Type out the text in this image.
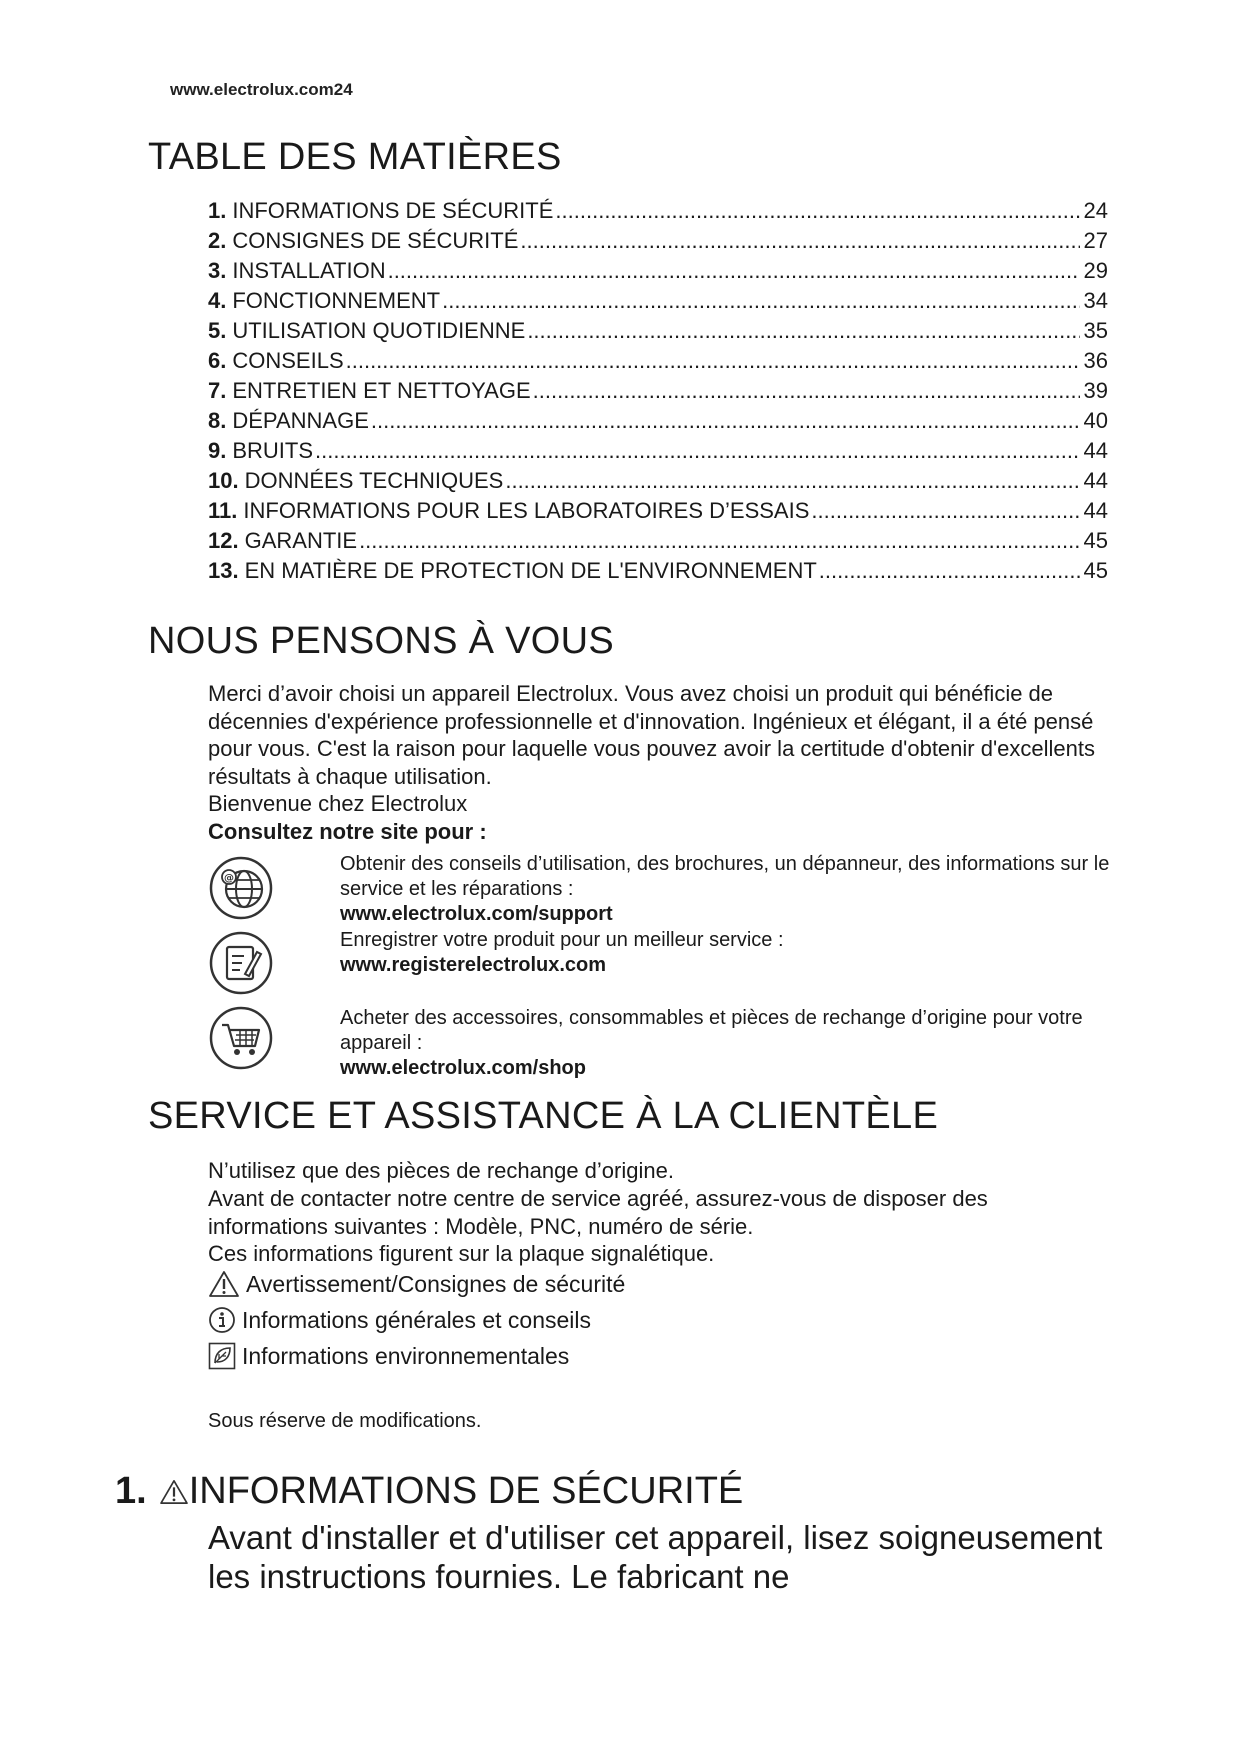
www.electrolux.com24
TABLE DES MATIÈRES
1. INFORMATIONS DE SÉCURITÉ .....	24
2. CONSIGNES DE SÉCURITÉ .....	27
3. INSTALLATION .....	29
4. FONCTIONNEMENT .....	34
5. UTILISATION QUOTIDIENNE .....	35
6. CONSEILS .....	36
7. ENTRETIEN ET NETTOYAGE .....	39
8. DÉPANNAGE .....	40
9. BRUITS .....	44
10. DONNÉES TECHNIQUES .....	44
11. INFORMATIONS POUR LES LABORATOIRES D’ESSAIS .....	44
12. GARANTIE .....	45
13. EN MATIÈRE DE PROTECTION DE L'ENVIRONNEMENT .....	45
NOUS PENSONS À VOUS

Merci d’avoir choisi un appareil Electrolux. Vous avez choisi un produit qui bénéficie de décennies d'expérience professionnelle et d'innovation. Ingénieux et élégant, il a été pensé pour vous. C'est la raison pour laquelle vous pouvez avoir la certitude d'obtenir d'excellents résultats à chaque utilisation.

Bienvenue chez Electrolux

Consultez notre site pour :

@
Obtenir des conseils d’utilisation, des brochures, un dépanneur, des informations sur le service et les réparations :
www.electrolux.com/support
Enregistrer votre produit pour un meilleur service :
www.registerelectrolux.com
Acheter des accessoires, consommables et pièces de rechange d’origine pour votre appareil :
www.electrolux.com/shop
SERVICE ET ASSISTANCE À LA CLIENTÈLE

N’utilisez que des pièces de rechange d’origine.

Avant de contacter notre centre de service agréé, assurez-vous de disposer des informations suivantes : Modèle, PNC, numéro de série.

Ces informations figurent sur la plaque signalétique.

Avertissement/Consignes de sécurité
Informations générales et conseils
Informations environnementales

Sous réserve de modifications.

1. INFORMATIONS DE SÉCURITÉ

Avant d'installer et d'utiliser cet appareil, lisez soigneusement les instructions fournies. Le fabricant ne
